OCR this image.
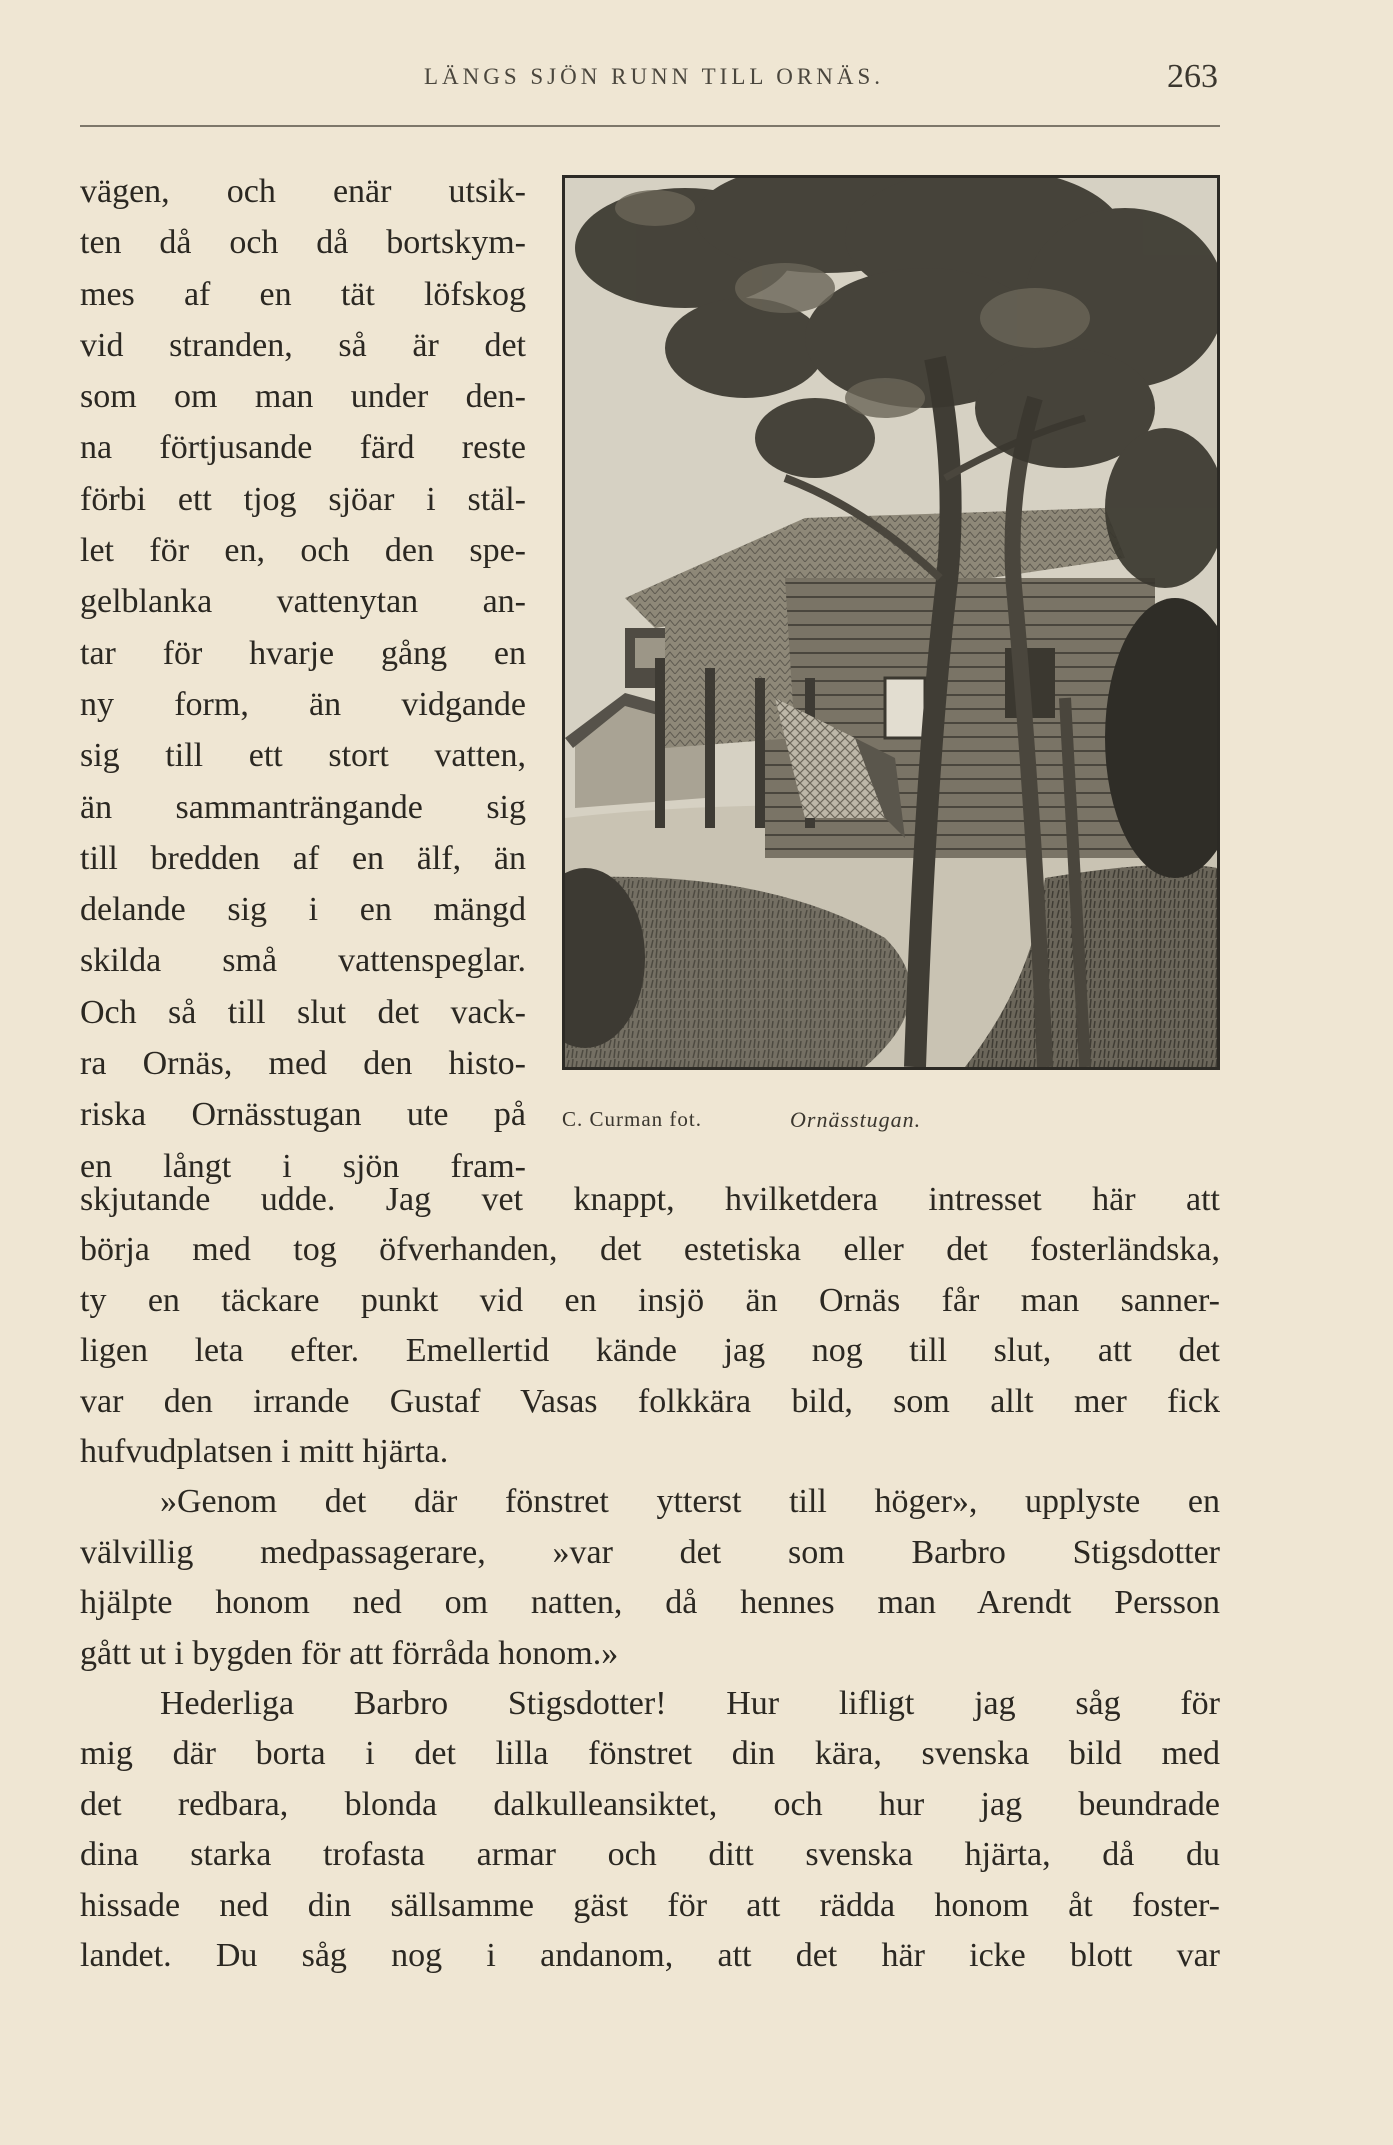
LÄNGS SJÖN RUNN TILL ORNÄS.	263
vägen, och enär utsik-
ten då och då bortskym-
mes af en tät löfskog
vid stranden, så är det
som om man under den-
na förtjusande färd reste
förbi ett tjog sjöar i stäl-
let för en, och den spe-
gelblanka vattenytan an-
tar för hvarje gång en
ny form, än vidgande
sig till ett stort vatten,
än sammanträngande sig
till bredden af en älf, än
delande sig i en mängd
skilda små vattenspeglar.
Och så till slut det vack-
ra Ornäs, med den histo-
riska Ornässtugan ute på
en långt i sjön fram-
C. Curman fot.	Ornässtugan.
skjutande udde. Jag vet knappt, hvilketdera intresset här att
börja med tog öfverhanden, det estetiska eller det fosterländska,
ty en täckare punkt vid en insjö än Ornäs får man sanner-
ligen leta efter. Emellertid kände jag nog till slut, att det
var den irrande Gustaf Vasas folkkära bild, som allt mer fick
hufvudplatsen i mitt hjärta.
»Genom det där fönstret ytterst till höger», upplyste en
välvillig medpassagerare, »var det som Barbro Stigsdotter
hjälpte honom ned om natten, då hennes man Arendt Persson
gått ut i bygden för att förråda honom.»
Hederliga Barbro Stigsdotter! Hur lifligt jag såg för
mig där borta i det lilla fönstret din kära, svenska bild med
det redbara, blonda dalkulleansiktet, och hur jag beundrade
dina starka trofasta armar och ditt svenska hjärta, då du
hissade ned din sällsamme gäst för att rädda honom åt foster-
landet. Du såg nog i andanom, att det här icke blott var
